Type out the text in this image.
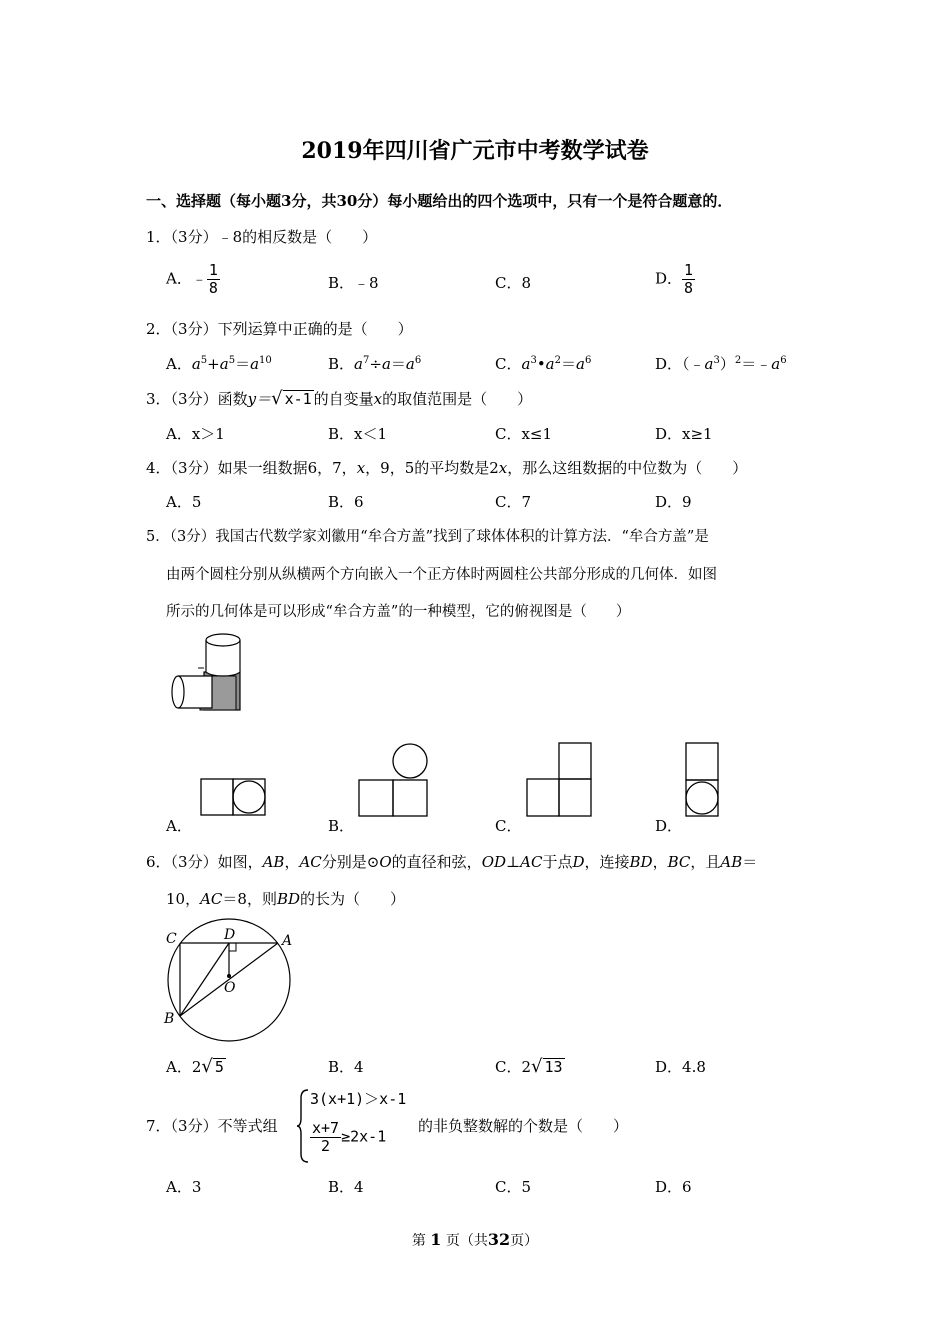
2019年四川省广元市中考数学试卷
一、选择题（每小题3分，共30分）每小题给出的四个选项中，只有一个是符合题意的．
1．（3分）﹣8的相反数是（　　）
A．﹣ $\frac{1}{8}$	B．﹣8	C．8	D． $\frac{1}{8}$
2．（3分）下列运算中正确的是（　　）
A．$a^5+a^5=a^{10}$	B．$a^7\div a=a^6$	C．$a^3•a^2=a^6$	D．$(﹣a^3)^2=﹣a^6$
3．（3分）函数y＝√ x-1 的自变量x的取值范围是（　　）
A．x＞1	B．x＜1	C．x≤1	D．x≥1
4．（3分）如果一组数据6，7，x，9，5的平均数是2x，那么这组数据的中位数为（　　）
A．5	B．6	C．7	D．9
5．（3分）我国古代数学家刘徽用“牟合方盖”找到了球体体积的计算方法．“牟合方盖”是
由两个圆柱分别从纵横两个方向嵌入一个正方体时两圆柱公共部分形成的几何体．如图
所示的几何体是可以形成“牟合方盖”的一种模型，它的俯视图是（　　）
A．	B．	C．	D．
6．（3分）如图，AB，AC分别是⊙O的直径和弦，OD⊥AC于点D，连接BD，BC，且AB＝
10，AC＝8，则BD的长为（　　）
C	D	A
O
B
A．2√ 5	B．4	C．2√ 13	D．4.8
7．（3分）不等式组
3(x+1)＞x-1
$\frac{x+7}{2} \ge 2x-1$
的非负整数解的个数是（　　）
A．3	B．4	C．5	D．6
第 1 页（共32页）
